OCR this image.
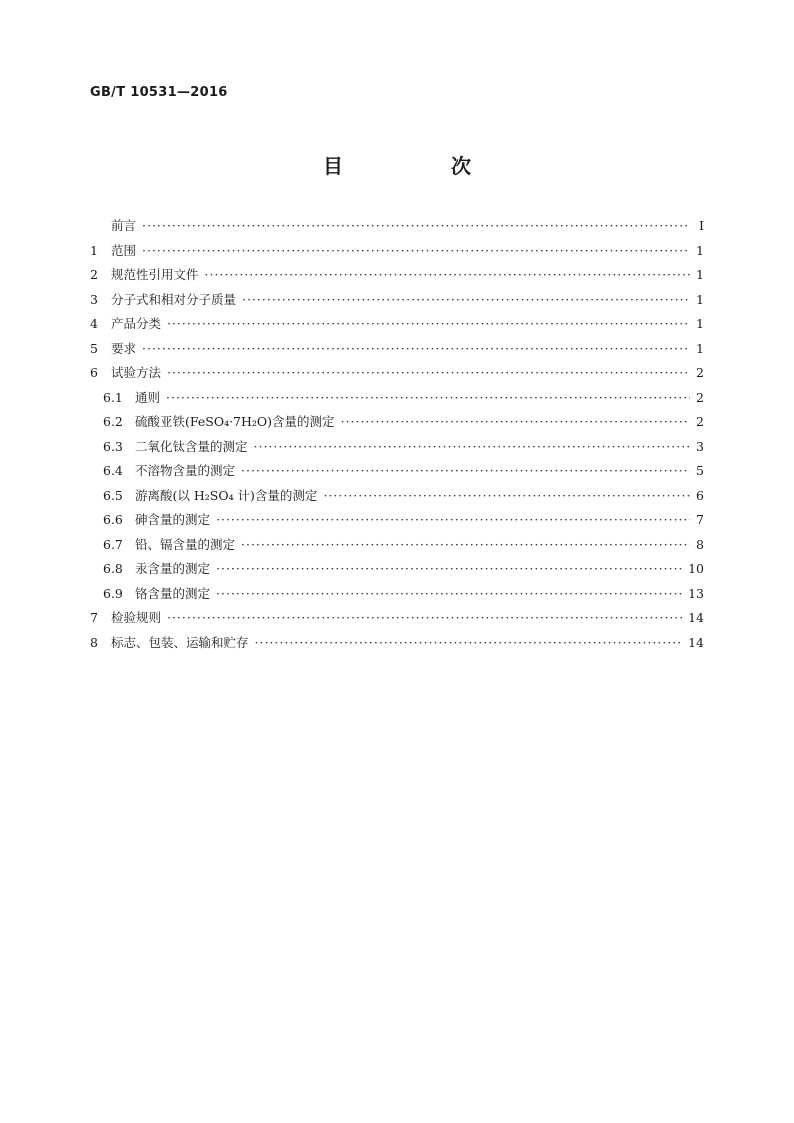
GB/T 10531—2016
目　次
前言 ·····	Ⅰ
1	范围 ·····	1
2	规范性引用文件 ·····	1
3	分子式和相对分子质量 ·····	1
4	产品分类 ·····	1
5	要求 ·····	1
6	试验方法 ·····	2
6.1 通则 ·····	2
6.2 硫酸亚铁(FeSO₄·7H₂O)含量的测定 ·····	2
6.3 二氧化钛含量的测定 ·····	3
6.4 不溶物含量的测定 ·····	5
6.5 游离酸(以 H₂SO₄ 计)含量的测定 ·····	6
6.6 砷含量的测定 ·····	7
6.7 铅、镉含量的测定 ·····	8
6.8 汞含量的测定 ·····	10
6.9 铬含量的测定 ·····	13
7	检验规则 ·····	14
8	标志、包装、运输和贮存 ·····	14
